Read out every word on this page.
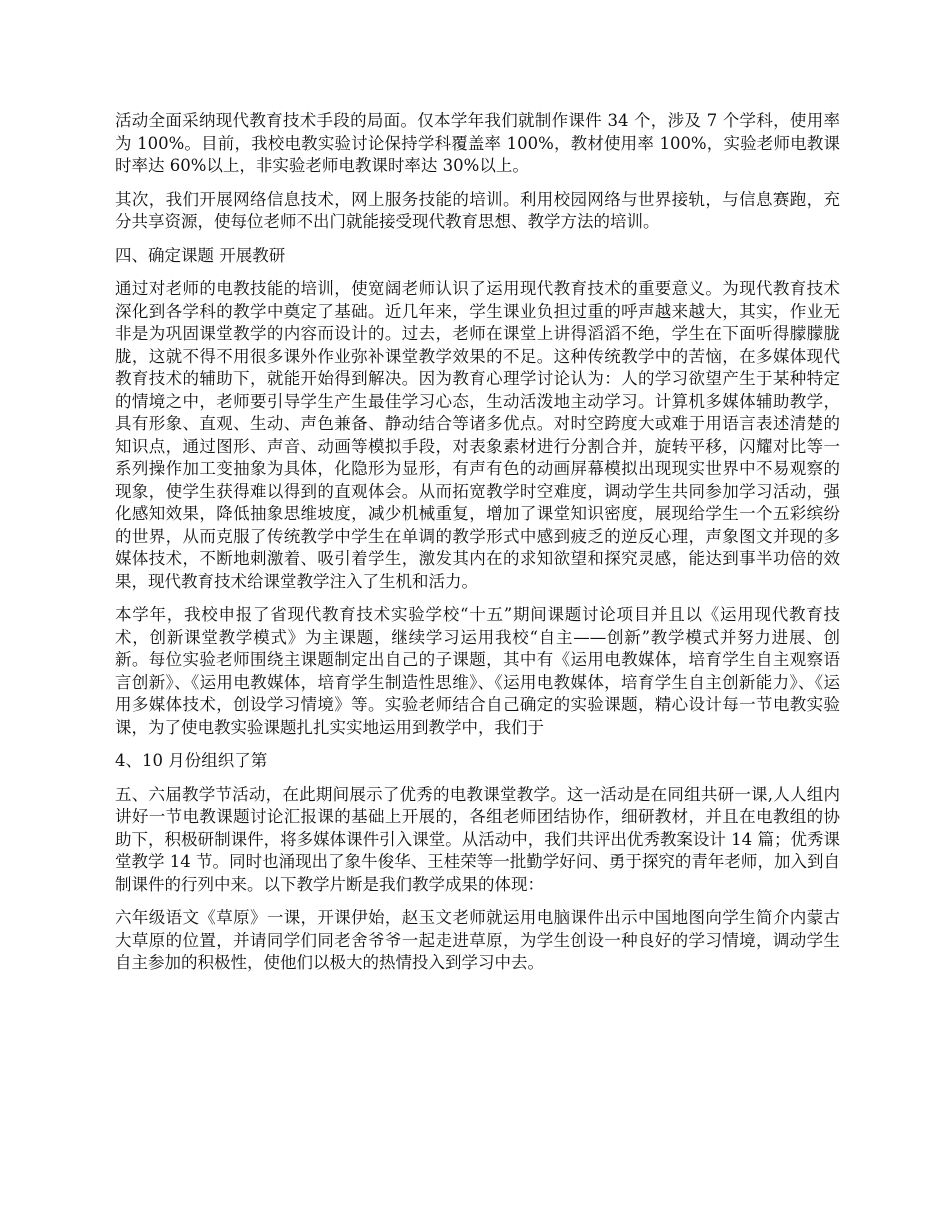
活动全面采纳现代教育技术手段的局面。仅本学年我们就制作课件 34 个，涉及 7 个学科，使用率为 100%。目前，我校电教实验讨论保持学科覆盖率 100%，教材使用率 100%，实验老师电教课时率达 60%以上，非实验老师电教课时率达 30%以上。

其次，我们开展网络信息技术，网上服务技能的培训。利用校园网络与世界接轨，与信息赛跑，充分共享资源，使每位老师不出门就能接受现代教育思想、教学方法的培训。

四、确定课题 开展教研

通过对老师的电教技能的培训，使宽阔老师认识了运用现代教育技术的重要意义。为现代教育技术深化到各学科的教学中奠定了基础。近几年来，学生课业负担过重的呼声越来越大，其实，作业无非是为巩固课堂教学的内容而设计的。过去，老师在课堂上讲得滔滔不绝，学生在下面听得朦朦胧胧，这就不得不用很多课外作业弥补课堂教学效果的不足。这种传统教学中的苦恼，在多媒体现代教育技术的辅助下，就能开始得到解决。因为教育心理学讨论认为：人的学习欲望产生于某种特定的情境之中，老师要引导学生产生最佳学习心态，生动活泼地主动学习。计算机多媒体辅助教学，具有形象、直观、生动、声色兼备、静动结合等诸多优点。对时空跨度大或难于用语言表述清楚的知识点，通过图形、声音、动画等模拟手段，对表象素材进行分割合并，旋转平移，闪耀对比等一系列操作加工变抽象为具体，化隐形为显形，有声有色的动画屏幕模拟出现现实世界中不易观察的现象，使学生获得难以得到的直观体会。从而拓宽教学时空难度，调动学生共同参加学习活动，强化感知效果，降低抽象思维坡度，减少机械重复，增加了课堂知识密度，展现给学生一个五彩缤纷的世界，从而克服了传统教学中学生在单调的教学形式中感到疲乏的逆反心理，声象图文并现的多媒体技术，不断地刺激着、吸引着学生，激发其内在的求知欲望和探究灵感，能达到事半功倍的效果，现代教育技术给课堂教学注入了生机和活力。

本学年，我校申报了省现代教育技术实验学校“十五”期间课题讨论项目并且以《运用现代教育技术，创新课堂教学模式》为主课题，继续学习运用我校“自主——创新”教学模式并努力进展、创新。每位实验老师围绕主课题制定出自己的子课题，其中有《运用电教媒体，培育学生自主观察语言创新》、《运用电教媒体，培育学生制造性思维》、《运用电教媒体，培育学生自主创新能力》、《运用多媒体技术，创设学习情境》等。实验老师结合自己确定的实验课题，精心设计每一节电教实验课，为了使电教实验课题扎扎实实地运用到教学中，我们于

4、10 月份组织了第

五、六届教学节活动，在此期间展示了优秀的电教课堂教学。这一活动是在同组共研一课,人人组内讲好一节电教课题讨论汇报课的基础上开展的，各组老师团结协作，细研教材，并且在电教组的协助下，积极研制课件，将多媒体课件引入课堂。从活动中，我们共评出优秀教案设计 14 篇；优秀课堂教学 14 节。同时也涌现出了象牛俊华、王桂荣等一批勤学好问、勇于探究的青年老师，加入到自制课件的行列中来。以下教学片断是我们教学成果的体现：

六年级语文《草原》一课，开课伊始，赵玉文老师就运用电脑课件出示中国地图向学生简介内蒙古大草原的位置，并请同学们同老舍爷爷一起走进草原，为学生创设一种良好的学习情境，调动学生自主参加的积极性，使他们以极大的热情投入到学习中去。
